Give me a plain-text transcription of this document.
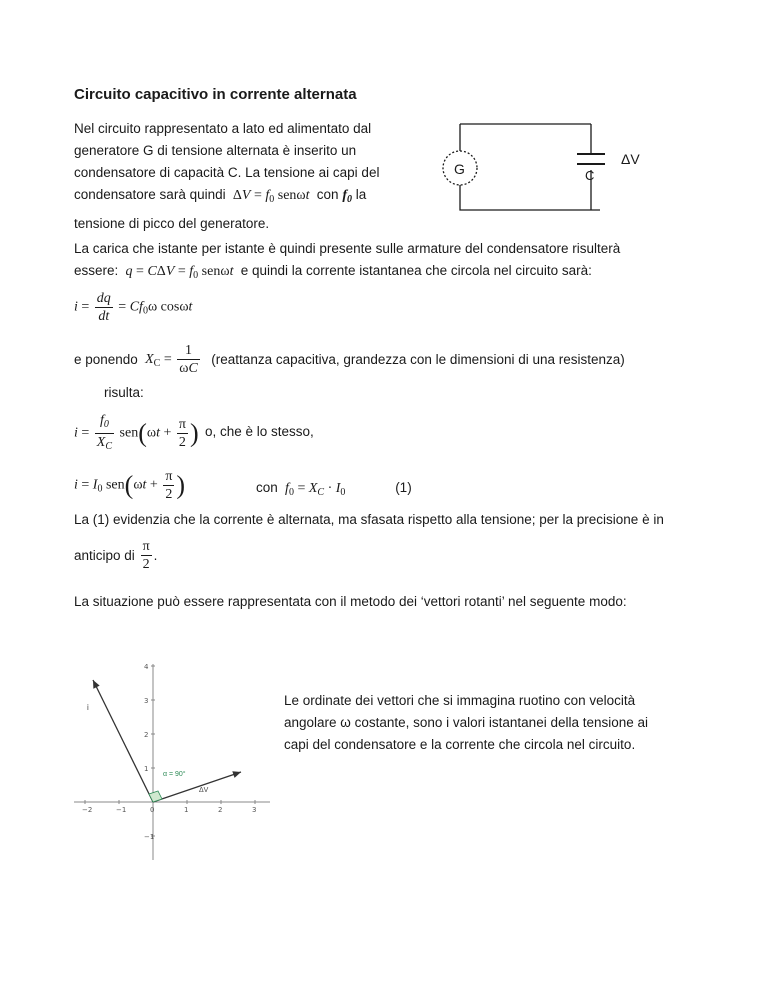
Circuito capacitivo in corrente alternata
Nel circuito rappresentato a lato ed alimentato dal
generatore G di tensione alternata è inserito un
condensatore di capacità C. La tensione ai capi del
condensatore sarà quindi  $\Delta V = f_0$ senωt con $f_0$ la
tensione di picco del generatore.
G	C
ΔV
La carica che istante per istante è quindi presente sulle armature del condensatore risulterà
essere: $q = C\Delta V = f_0$ senωt e quindi la corrente istantanea che circola nel circuito sarà:
$i = \frac{dq}{dt} = Cf_0\omega$ cosωt
e ponendo $X_C = \frac{1}{\omega C}$ (reattanza capacitiva, grandezza con le dimensioni di una resistenza)
risulta:
$i = \frac{f_0}{X_C} sen(\omega t + \frac{\pi}{2}$ ) o, che è lo stesso,
$i = I_0$ $sen(\omega t + \frac{\pi}{2}$ )	con $f_0 = X_C \cdot I_0$	(1)
La (1) evidenzia che la corrente è alternata, ma sfasata rispetto alla tensione; per la precisione è in
anticipo di $\frac{\pi}{2}$ .
La situazione può essere rappresentata con il metodo dei ‘vettori rotanti’ nel seguente modo:
−2	−1	0	1	2	3
4
3
2
1
−1
i
ΔV
α = 90°
Le ordinate dei vettori che si immagina ruotino con velocità
angolare ω costante, sono i valori istantanei della tensione ai
capi del condensatore e la corrente che circola nel circuito.
